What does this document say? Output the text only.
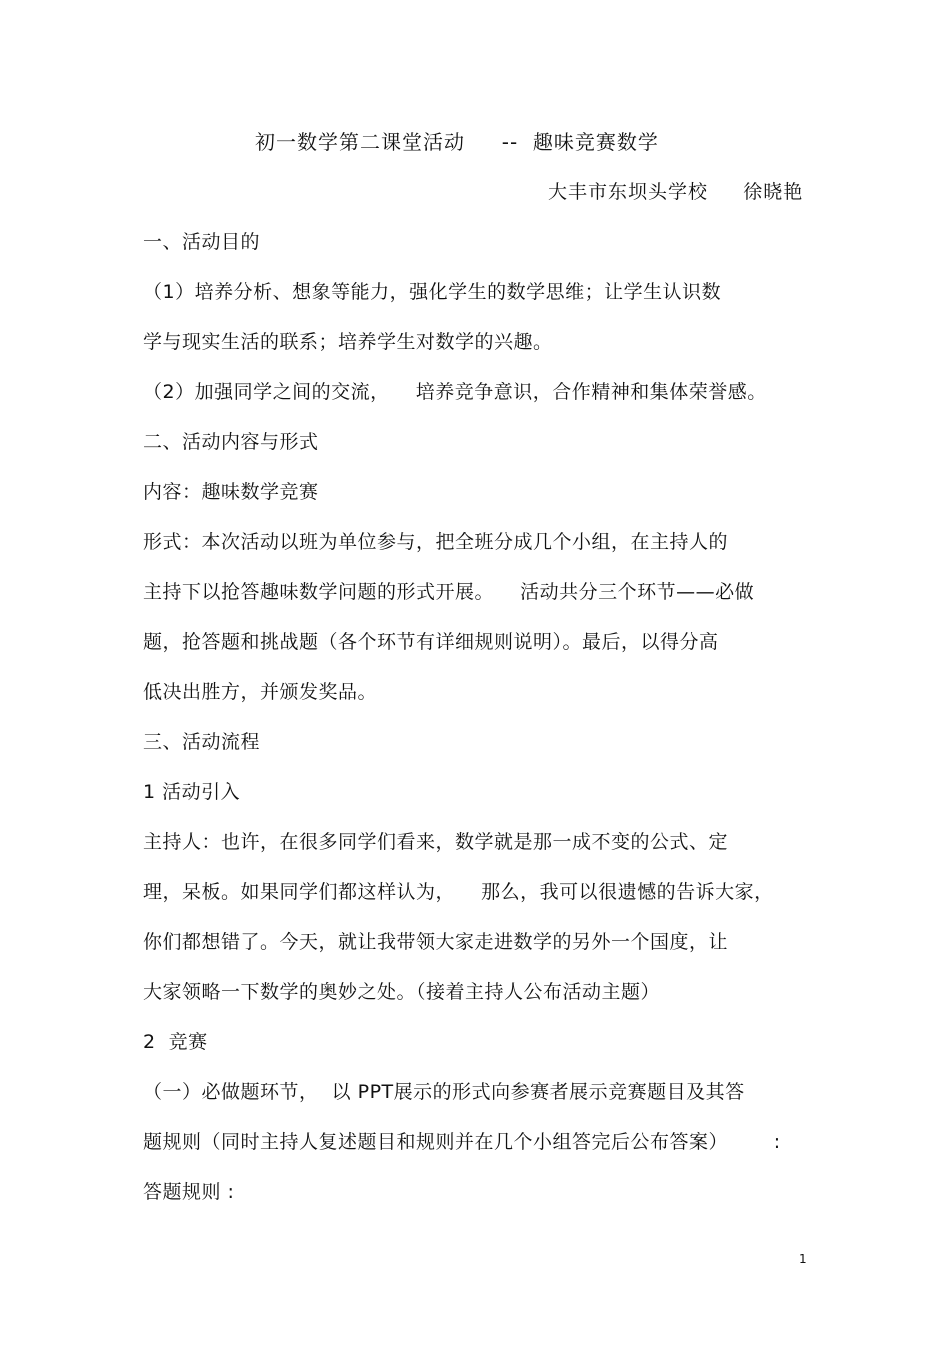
初一数学第二课堂活动     --  趣味竞赛数学
大丰市东坝头学校     徐晓艳
一、活动目的
（1）培养分析、想象等能力，强化学生的数学思维；让学生认识数
学与现实生活的联系；培养学生对数学的兴趣。
（2）加强同学之间的交流，    培养竞争意识，合作精神和集体荣誉感。
二、活动内容与形式
内容：趣味数学竞赛
形式：本次活动以班为单位参与，把全班分成几个小组，在主持人的
主持下以抢答趣味数学问题的形式开展。    活动共分三个环节——必做
题，抢答题和挑战题（各个环节有详细规则说明）。最后，以得分高
低决出胜方，并颁发奖品。
三、活动流程
1 活动引入
主持人：也许，在很多同学们看来，数学就是那一成不变的公式、定
理，呆板。如果同学们都这样认为，    那么，我可以很遗憾的告诉大家，
你们都想错了。今天，就让我带领大家走进数学的另外一个国度，让
大家领略一下数学的奥妙之处。（接着主持人公布活动主题）
2  竞赛
（一）必做题环节，  以 PPT展示的形式向参赛者展示竞赛题目及其答
题规则（同时主持人复述题目和规则并在几个小组答完后公布答案）       :
答题规则 :
1
